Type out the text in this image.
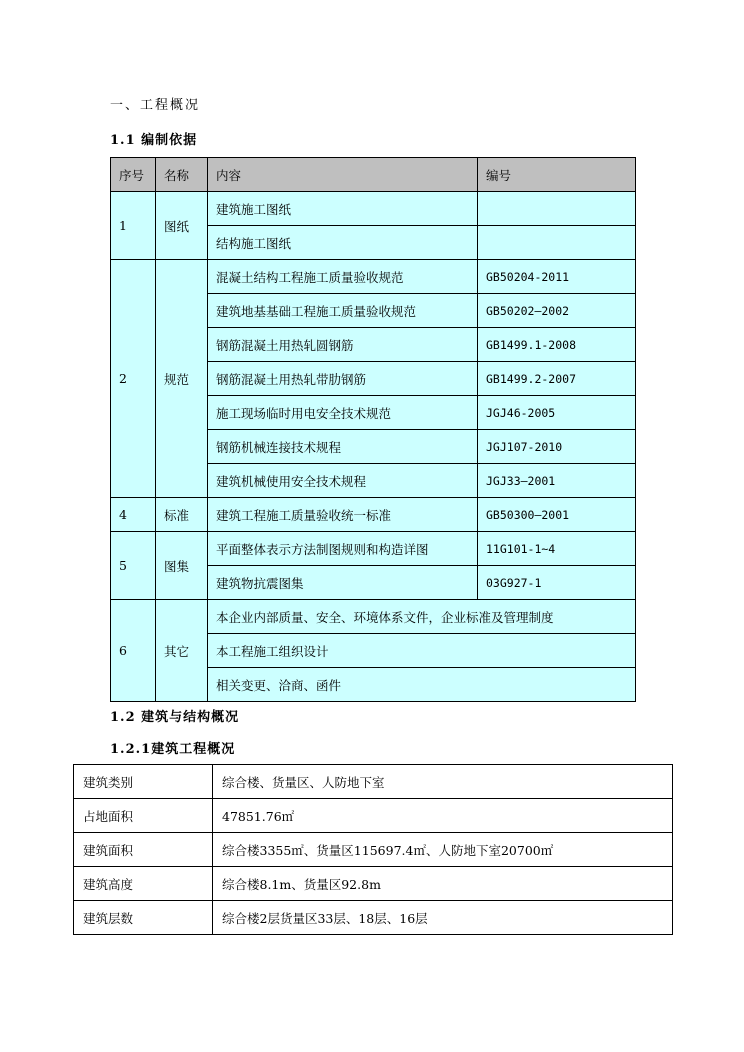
一、工程概况
1.1 编制依据
序号	名称	内容	编号
1	图纸	建筑施工图纸	
		结构施工图纸	
2	规范	混凝土结构工程施工质量验收规范	GB50204-2011
		建筑地基基础工程施工质量验收规范	GB50202—2002
		钢筋混凝土用热轧圆钢筋	GB1499.1-2008
		钢筋混凝土用热轧带肋钢筋	GB1499.2-2007
		施工现场临时用电安全技术规范	JGJ46-2005
		钢筋机械连接技术规程	JGJ107-2010
		建筑机械使用安全技术规程	JGJ33—2001
4	标准	建筑工程施工质量验收统一标准	GB50300—2001
5	图集	平面整体表示方法制图规则和构造详图	11G101-1~4
		建筑物抗震图集	03G927-1
6	其它	本企业内部质量、安全、环境体系文件，企业标准及管理制度	
		本工程施工组织设计	
		相关变更、洽商、函件	
1.2 建筑与结构概况
1.2.1建筑工程概况
建筑类别	综合楼、货量区、人防地下室
占地面积	47851.76㎡
建筑面积	综合楼3355㎡、货量区115697.4㎡、人防地下室20700㎡
建筑高度	综合楼8.1m、货量区92.8m
建筑层数	综合楼2层货量区33层、18层、16层
